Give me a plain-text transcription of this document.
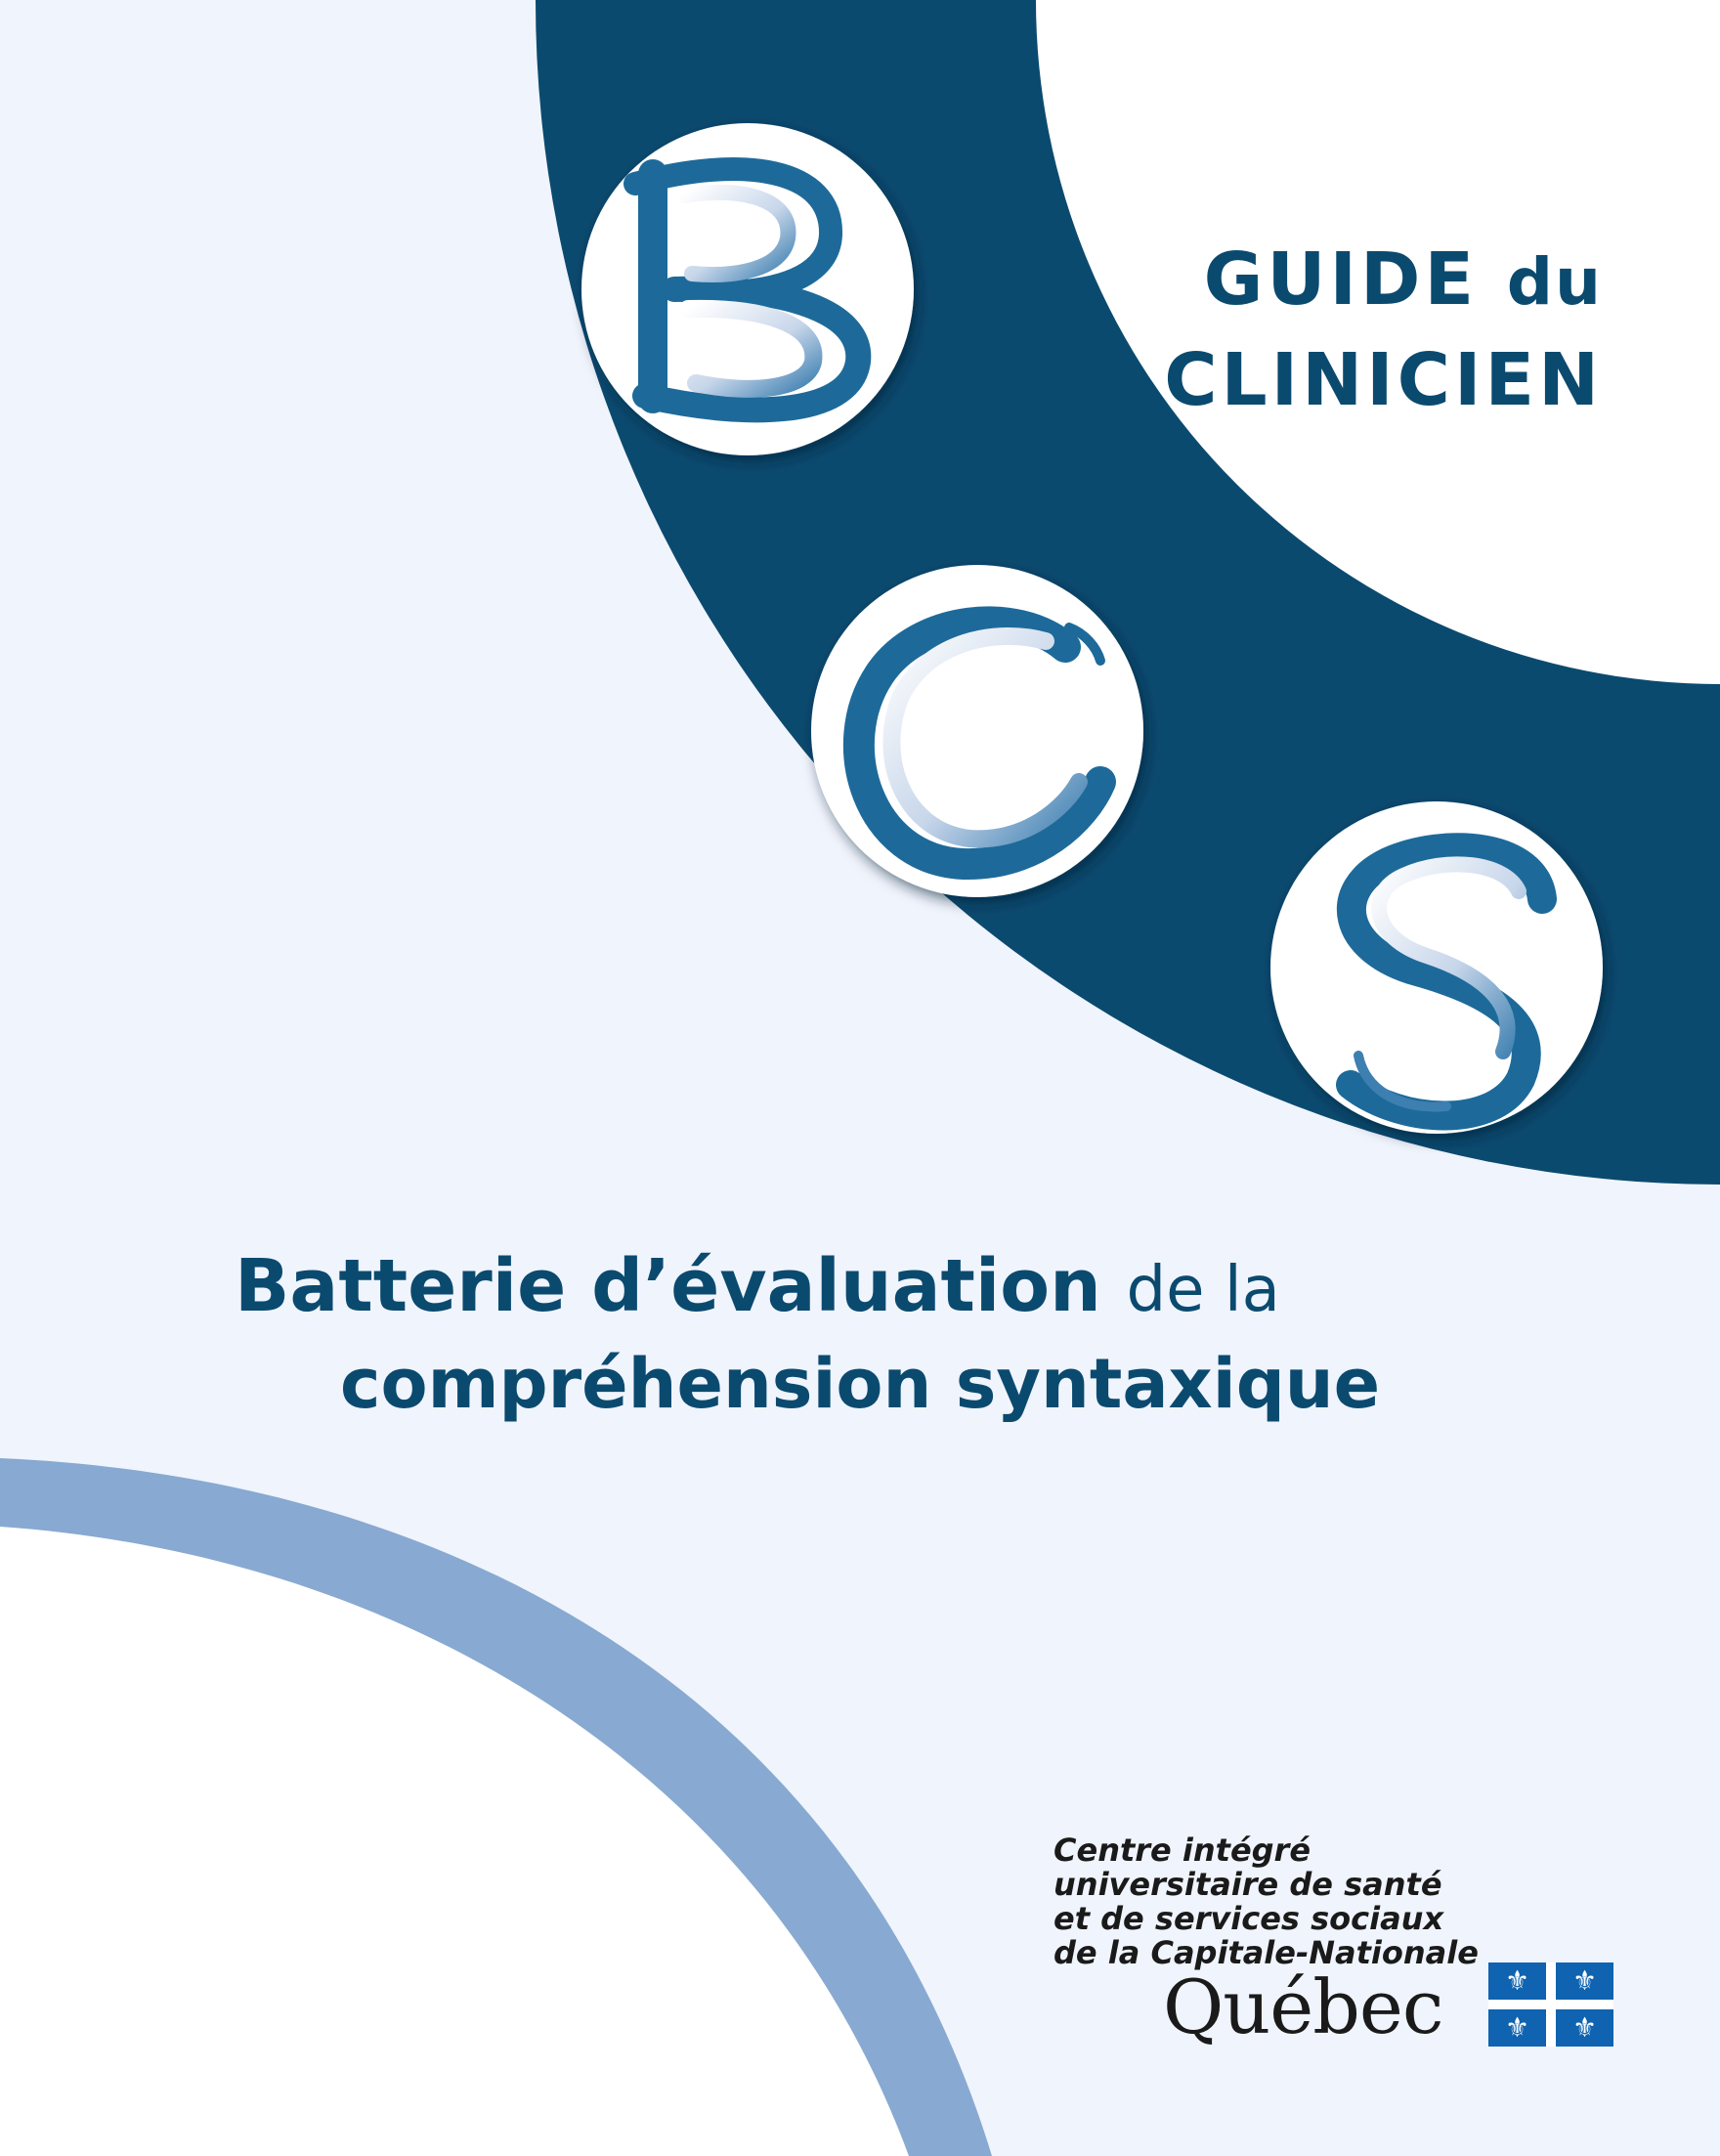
GUIDE du
CLINICIEN
Batterie d’évaluation de la
compréhension syntaxique
Centre intégré
universitaire de santé
et de services sociaux
de la Capitale-Nationale
Québec	⚜	⚜
⚜	⚜
